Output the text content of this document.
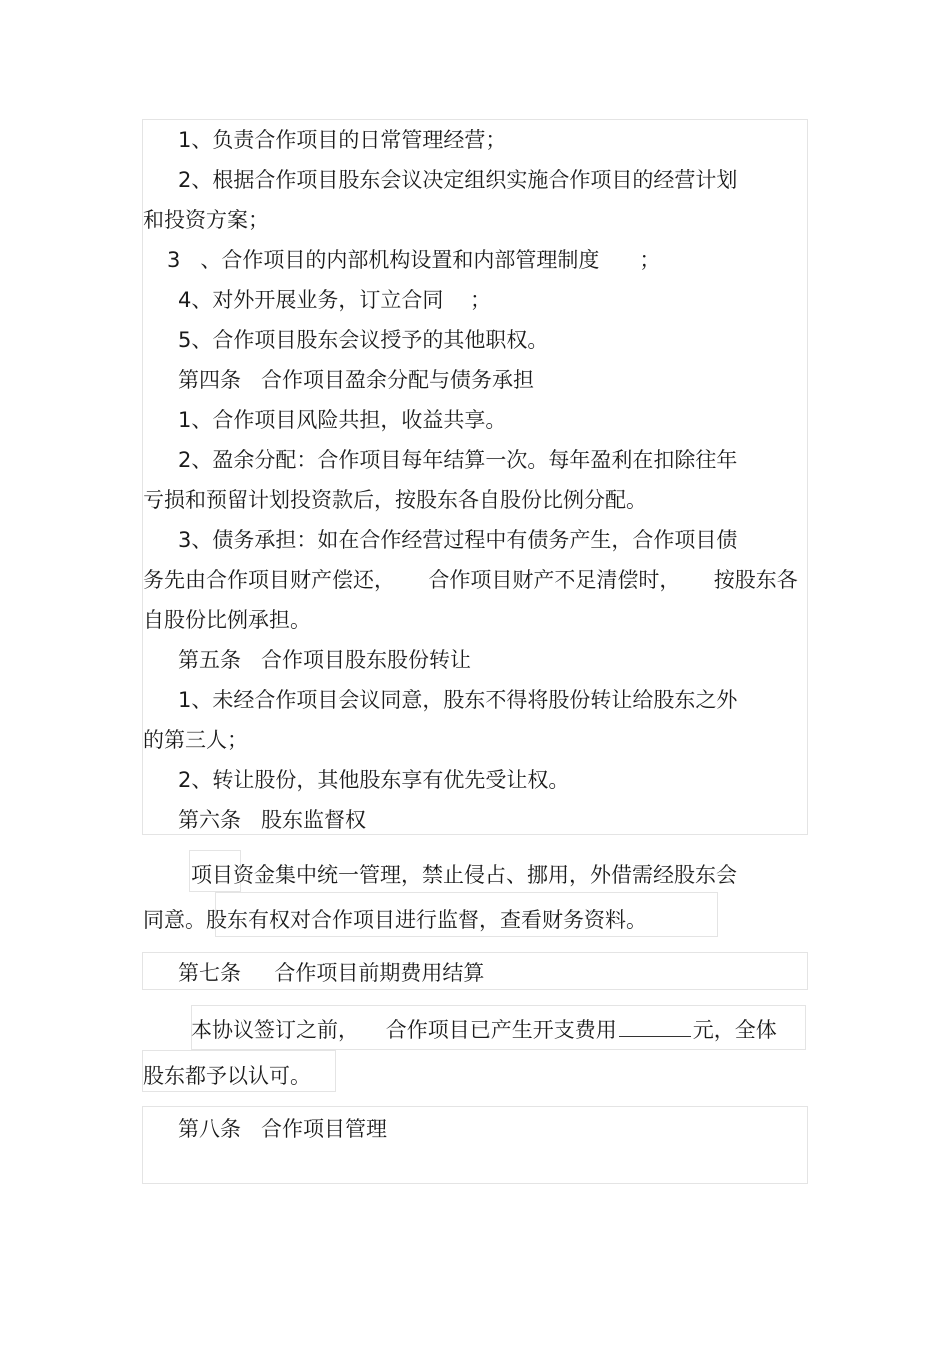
1、负责合作项目的日常管理经营；
2、根据合作项目股东会议决定组织实施合作项目的经营计划
和投资方案；
3   、合作项目的内部机构设置和内部管理制度      ；
4、对外开展业务，订立合同    ；
5、合作项目股东会议授予的其他职权。
第四条   合作项目盈余分配与债务承担
1、合作项目风险共担，收益共享。
2、盈余分配：合作项目每年结算一次。每年盈利在扣除往年
亏损和预留计划投资款后，按股东各自股份比例分配。
3、债务承担：如在合作经营过程中有债务产生，合作项目债
务先由合作项目财产偿还，     合作项目财产不足清偿时，     按股东各
自股份比例承担。
第五条   合作项目股东股份转让
1、未经合作项目会议同意，股东不得将股份转让给股东之外
的第三人；
2、转让股份，其他股东享有优先受让权。
第六条   股东监督权
项目资金集中统一管理，禁止侵占、挪用，外借需经股东会
同意。股东有权对合作项目进行监督，查看财务资料。
第七条     合作项目前期费用结算
本协议签订之前，    合作项目已产生开支费用	元，全体
股东都予以认可。
第八条   合作项目管理
